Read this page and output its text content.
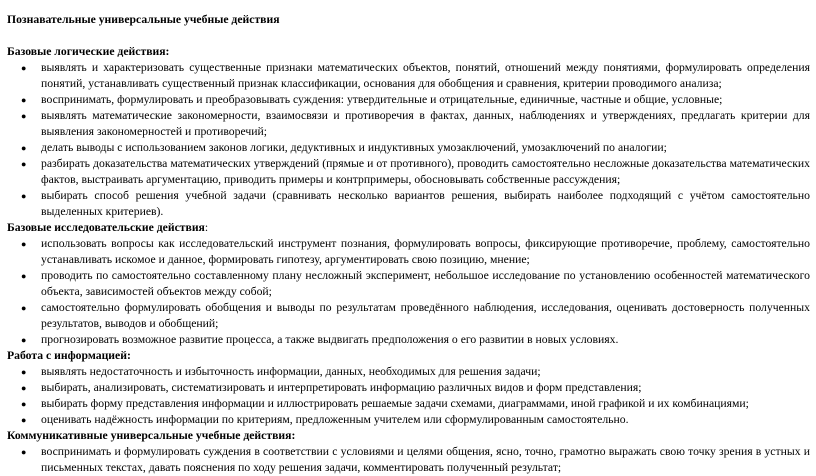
Познавательные универсальные учебные действия

Базовые логические действия:

● выявлять и характеризовать существенные признаки математических объектов, понятий, отношений между понятиями, формулировать определения понятий, устанавливать существенный признак классификации, основания для обобщения и сравнения, критерии проводимого анализа;
● воспринимать, формулировать и преобразовывать суждения: утвердительные и отрицательные, единичные, частные и общие, условные;
● выявлять математические закономерности, взаимосвязи и противоречия в фактах, данных, наблюдениях и утверждениях, предлагать критерии для выявления закономерностей и противоречий;
● делать выводы с использованием законов логики, дедуктивных и индуктивных умозаключений, умозаключений по аналогии;
● разбирать доказательства математических утверждений (прямые и от противного), проводить самостоятельно несложные доказательства математических фактов, выстраивать аргументацию, приводить примеры и контрпримеры, обосновывать собственные рассуждения;
● выбирать способ решения учебной задачи (сравнивать несколько вариантов решения, выбирать наиболее подходящий с учётом самостоятельно выделенных критериев).

Базовые исследовательские действия:

● использовать вопросы как исследовательский инструмент познания, формулировать вопросы, фиксирующие противоречие, проблему, самостоятельно устанавливать искомое и данное, формировать гипотезу, аргументировать свою позицию, мнение;
● проводить по самостоятельно составленному плану несложный эксперимент, небольшое исследование по установлению особенностей математического объекта, зависимостей объектов между собой;
● самостоятельно формулировать обобщения и выводы по результатам проведённого наблюдения, исследования, оценивать достоверность полученных результатов, выводов и обобщений;
● прогнозировать возможное развитие процесса, а также выдвигать предположения о его развитии в новых условиях.

Работа с информацией:

● выявлять недостаточность и избыточность информации, данных, необходимых для решения задачи;
● выбирать, анализировать, систематизировать и интерпретировать информацию различных видов и форм представления;
● выбирать форму представления информации и иллюстрировать решаемые задачи схемами, диаграммами, иной графикой и их комбинациями;
● оценивать надёжность информации по критериям, предложенным учителем или сформулированным самостоятельно.

Коммуникативные универсальные учебные действия:

● воспринимать и формулировать суждения в соответствии с условиями и целями общения, ясно, точно, грамотно выражать свою точку зрения в устных и письменных текстах, давать пояснения по ходу решения задачи, комментировать полученный результат;
